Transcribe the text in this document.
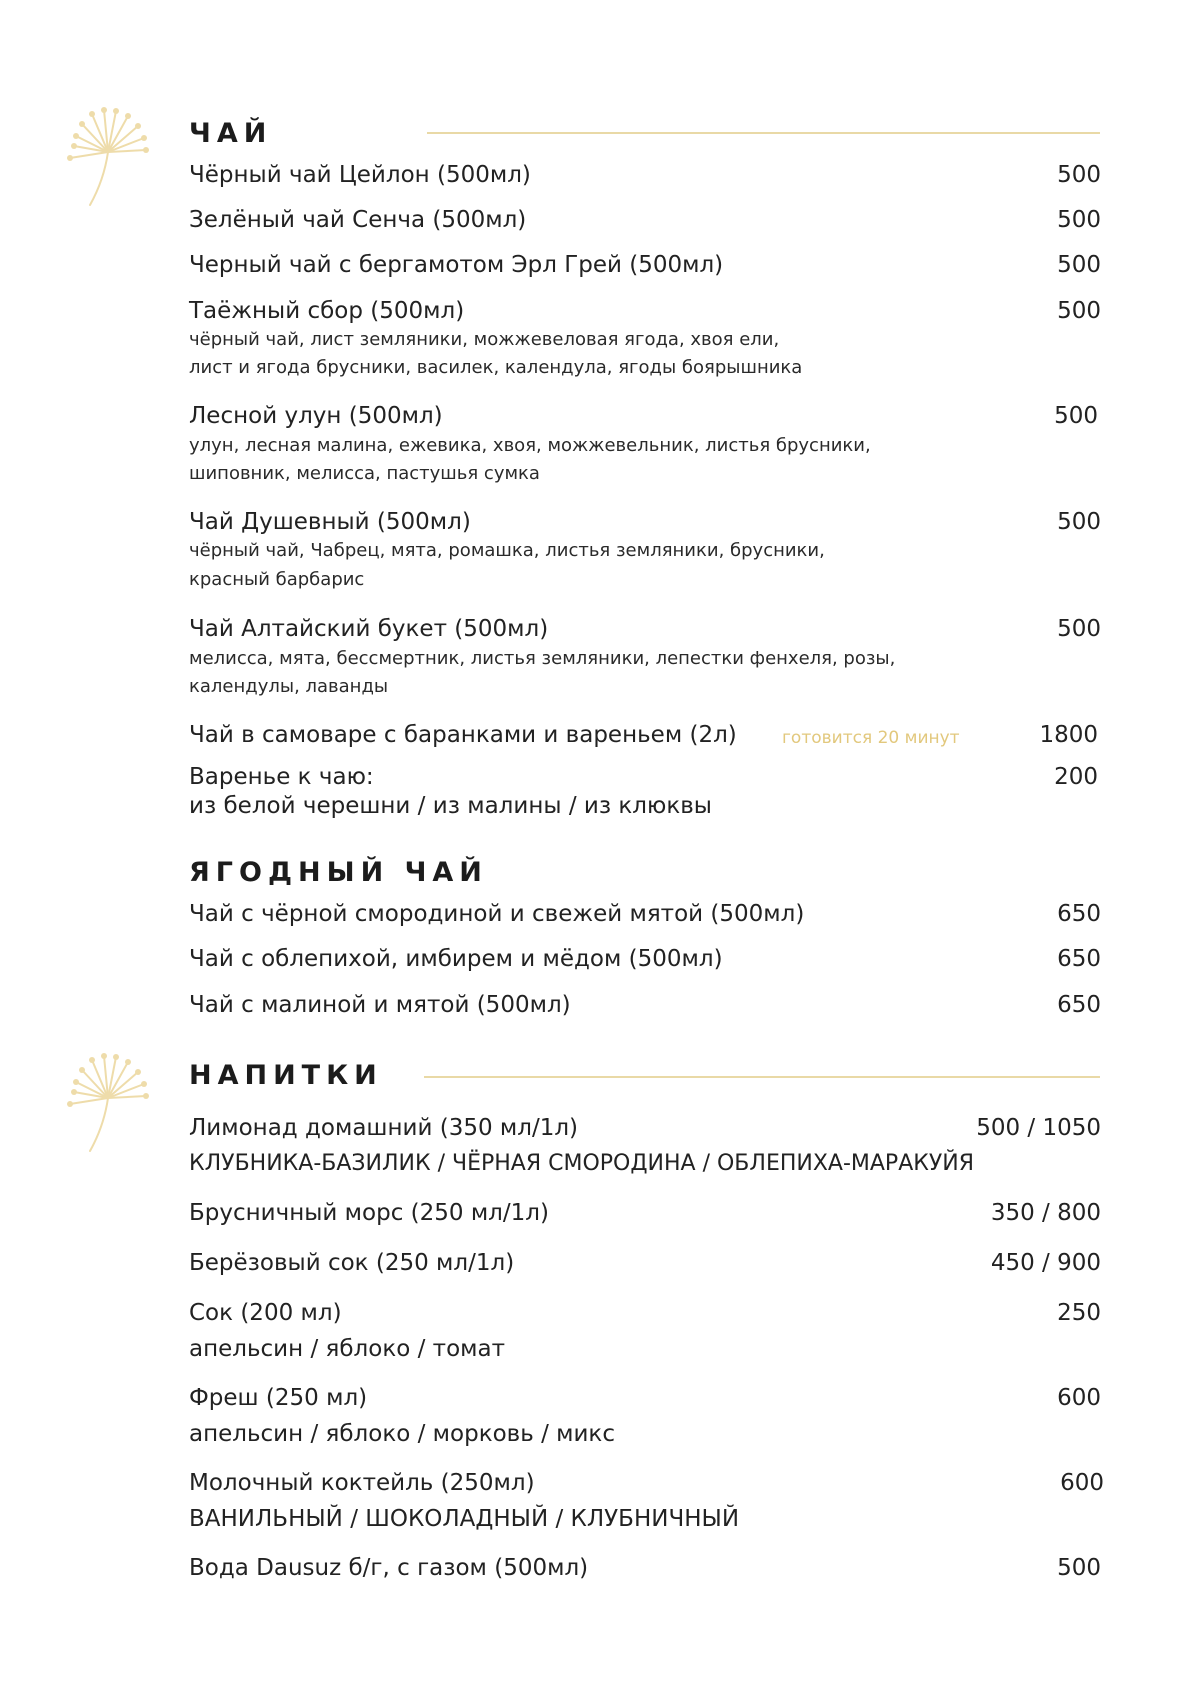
ЧАЙ
Чёрный чай Цейлон (500мл)	500
Зелёный чай Сенча (500мл)	500
Черный чай с бергамотом Эрл Грей (500мл)	500
Таёжный сбор (500мл)	500
чёрный чай, лист земляники, можжевеловая ягода, хвоя ели,
лист и ягода брусники, василек, календула, ягоды боярышника
Лесной улун (500мл)	500
улун, лесная малина, ежевика, хвоя, можжевельник, листья брусники,
шиповник, мелисса, пастушья сумка
Чай Душевный (500мл)	500
чёрный чай, Чабрец, мята, ромашка, листья земляники, брусники,
красный барбарис
Чай Алтайский букет (500мл)	500
мелисса, мята, бессмертник, листья земляники, лепестки фенхеля, розы,
календулы, лаванды
Чай в самоваре с баранками и вареньем (2л)	готовится 20 минут	1800
Варенье к чаю:	200
из белой черешни / из малины / из клюквы
ЯГОДНЫЙ ЧАЙ
Чай с чёрной смородиной и свежей мятой (500мл)	650
Чай с облепихой, имбирем и мёдом (500мл)	650
Чай с малиной и мятой (500мл)	650
НАПИТКИ
Лимонад домашний (350 мл/1л)	500 / 1050
КЛУБНИКА-БАЗИЛИК / ЧЁРНАЯ СМОРОДИНА / ОБЛЕПИХА-МАРАКУЙЯ
Брусничный морс (250 мл/1л)	350 / 800
Берёзовый сок (250 мл/1л)	450 / 900
Сок (200 мл)	250
апельсин / яблоко / томат
Фреш (250 мл)	600
апельсин / яблоко / морковь / микс
Молочный коктейль (250мл)	600
ВАНИЛЬНЫЙ / ШОКОЛАДНЫЙ / КЛУБНИЧНЫЙ
Вода Dausuz б/г, с газом (500мл)	500
